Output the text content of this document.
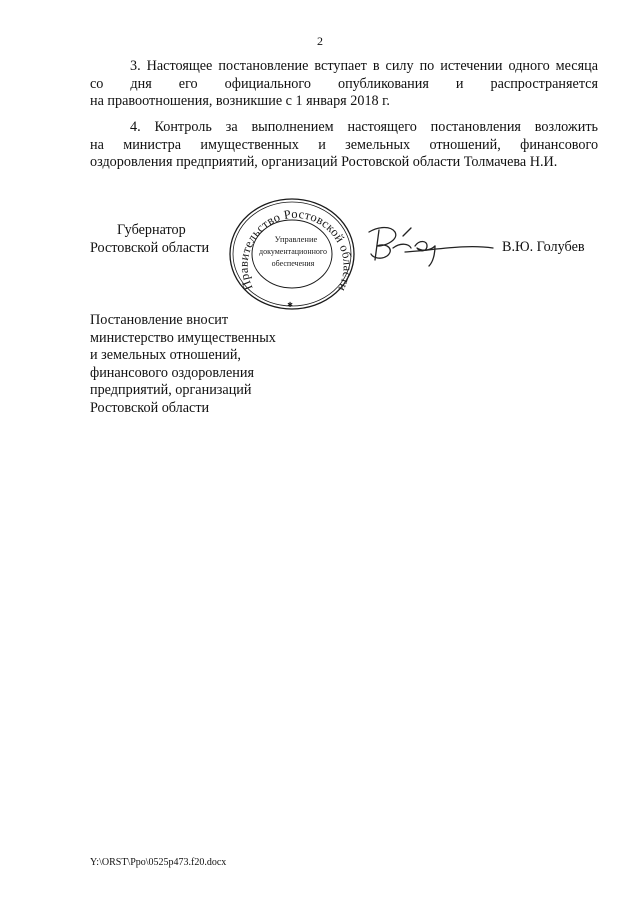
2
3. Настоящее постановление вступает в силу по истечении одного месяца
со дня его официального опубликования и распространяется
на правоотношения, возникшие с 1 января 2018 г.
4. Контроль за выполнением настоящего постановления возложить
на министра имущественных и земельных отношений, финансового
оздоровления предприятий, организаций Ростовской области Толмачева Н.И.
Губернатор
Ростовской области
Правительство Ростовской области
Управление
документационного
обеспечения
✱
В.Ю. Голубев
Постановление вносит
министерство имущественных
и земельных отношений,
финансового оздоровления
предприятий, организаций
Ростовской области
Y:\ORST\Ppo\0525p473.f20.docx
